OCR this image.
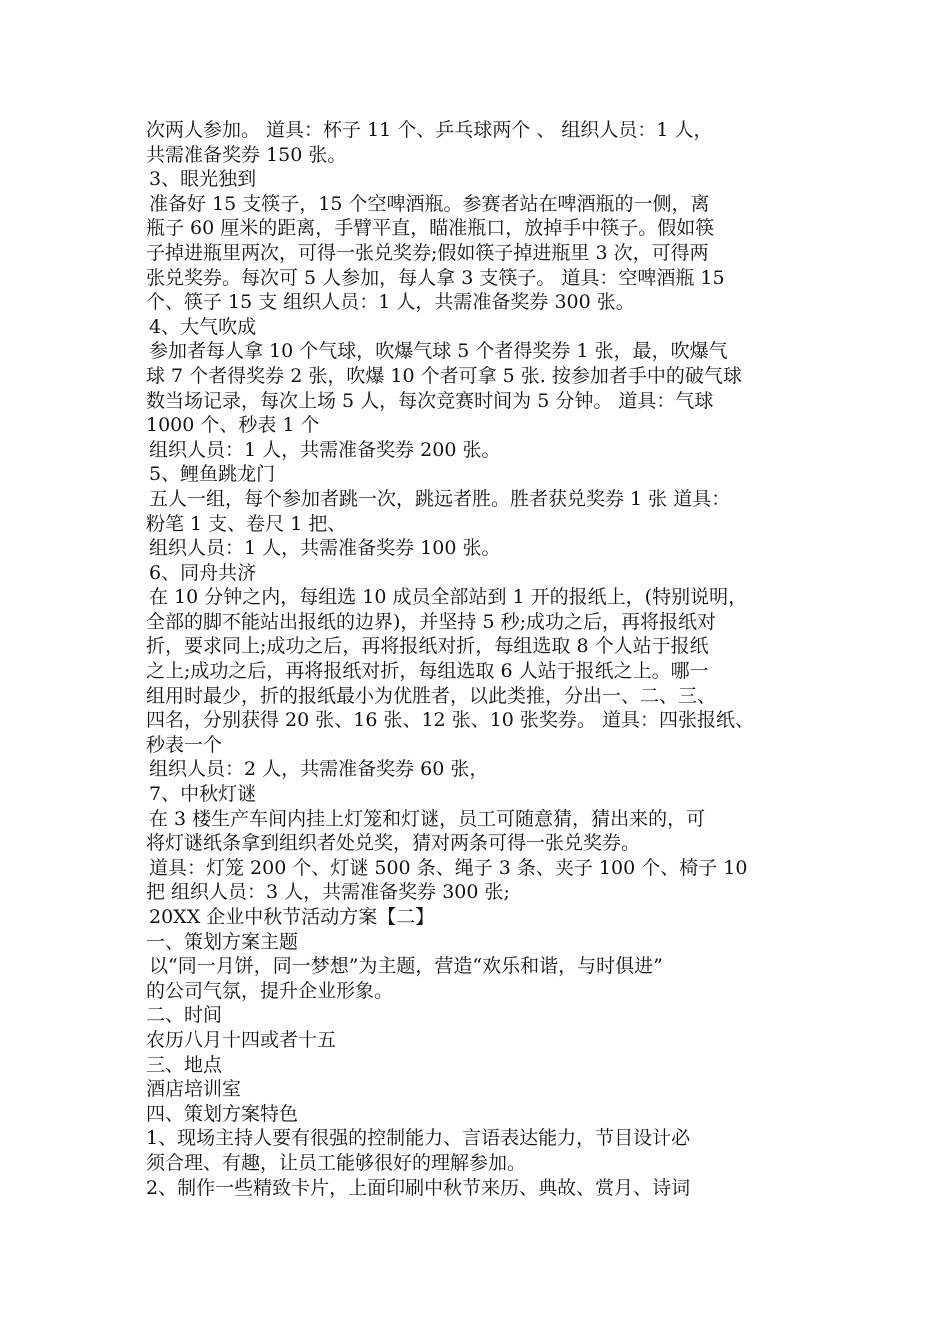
次两人参加。 道具：杯子 11 个、乒乓球两个 、 组织人员：1 人，
共需准备奖券 150 张。
3、眼光独到
准备好 15 支筷子，15 个空啤酒瓶。参赛者站在啤酒瓶的一侧，离
瓶子 60 厘米的距离，手臂平直，瞄准瓶口，放掉手中筷子。假如筷
子掉进瓶里两次，可得一张兑奖券;假如筷子掉进瓶里 3 次，可得两
张兑奖券。每次可 5 人参加，每人拿 3 支筷子。 道具：空啤酒瓶 15
个、筷子 15 支 组织人员：1 人，共需准备奖券 300 张。
4、大气吹成
参加者每人拿 10 个气球，吹爆气球 5 个者得奖券 1 张，最，吹爆气
球 7 个者得奖券 2 张，吹爆 10 个者可拿 5 张. 按参加者手中的破气球
数当场记录，每次上场 5 人，每次竞赛时间为 5 分钟。 道具：气球
1000 个、秒表 1 个
组织人员：1 人，共需准备奖券 200 张。
5、鲤鱼跳龙门
五人一组，每个参加者跳一次，跳远者胜。胜者获兑奖券 1 张 道具：
粉笔 1 支、卷尺 1 把、
组织人员：1 人，共需准备奖券 100 张。
6、同舟共济
在 10 分钟之内，每组选 10 成员全部站到 1 开的报纸上，(特别说明，
全部的脚不能站出报纸的边界)，并坚持 5 秒;成功之后，再将报纸对
折，要求同上;成功之后，再将报纸对折，每组选取 8 个人站于报纸
之上;成功之后，再将报纸对折，每组选取 6 人站于报纸之上。哪一
组用时最少，折的报纸最小为优胜者，以此类推，分出一、二、三、
四名，分别获得 20 张、16 张、12 张、10 张奖券。 道具：四张报纸、
秒表一个
组织人员：2 人，共需准备奖券 60 张，
7、中秋灯谜
在 3 楼生产车间内挂上灯笼和灯谜，员工可随意猜，猜出来的，可
将灯谜纸条拿到组织者处兑奖，猜对两条可得一张兑奖券。
道具：灯笼 200 个、灯谜 500 条、绳子 3 条、夹子 100 个、椅子 10
把 组织人员：3 人，共需准备奖券 300 张;
20XX 企业中秋节活动方案【二】
一、策划方案主题
以“同一月饼，同一梦想”为主题，营造“欢乐和谐，与时俱进”
的公司气氛，提升企业形象。
二、时间
农历八月十四或者十五
三、地点
酒店培训室
四、策划方案特色
1、现场主持人要有很强的控制能力、言语表达能力，节目设计必
须合理、有趣，让员工能够很好的理解参加。
2、制作一些精致卡片，上面印刷中秋节来历、典故、赏月、诗词
